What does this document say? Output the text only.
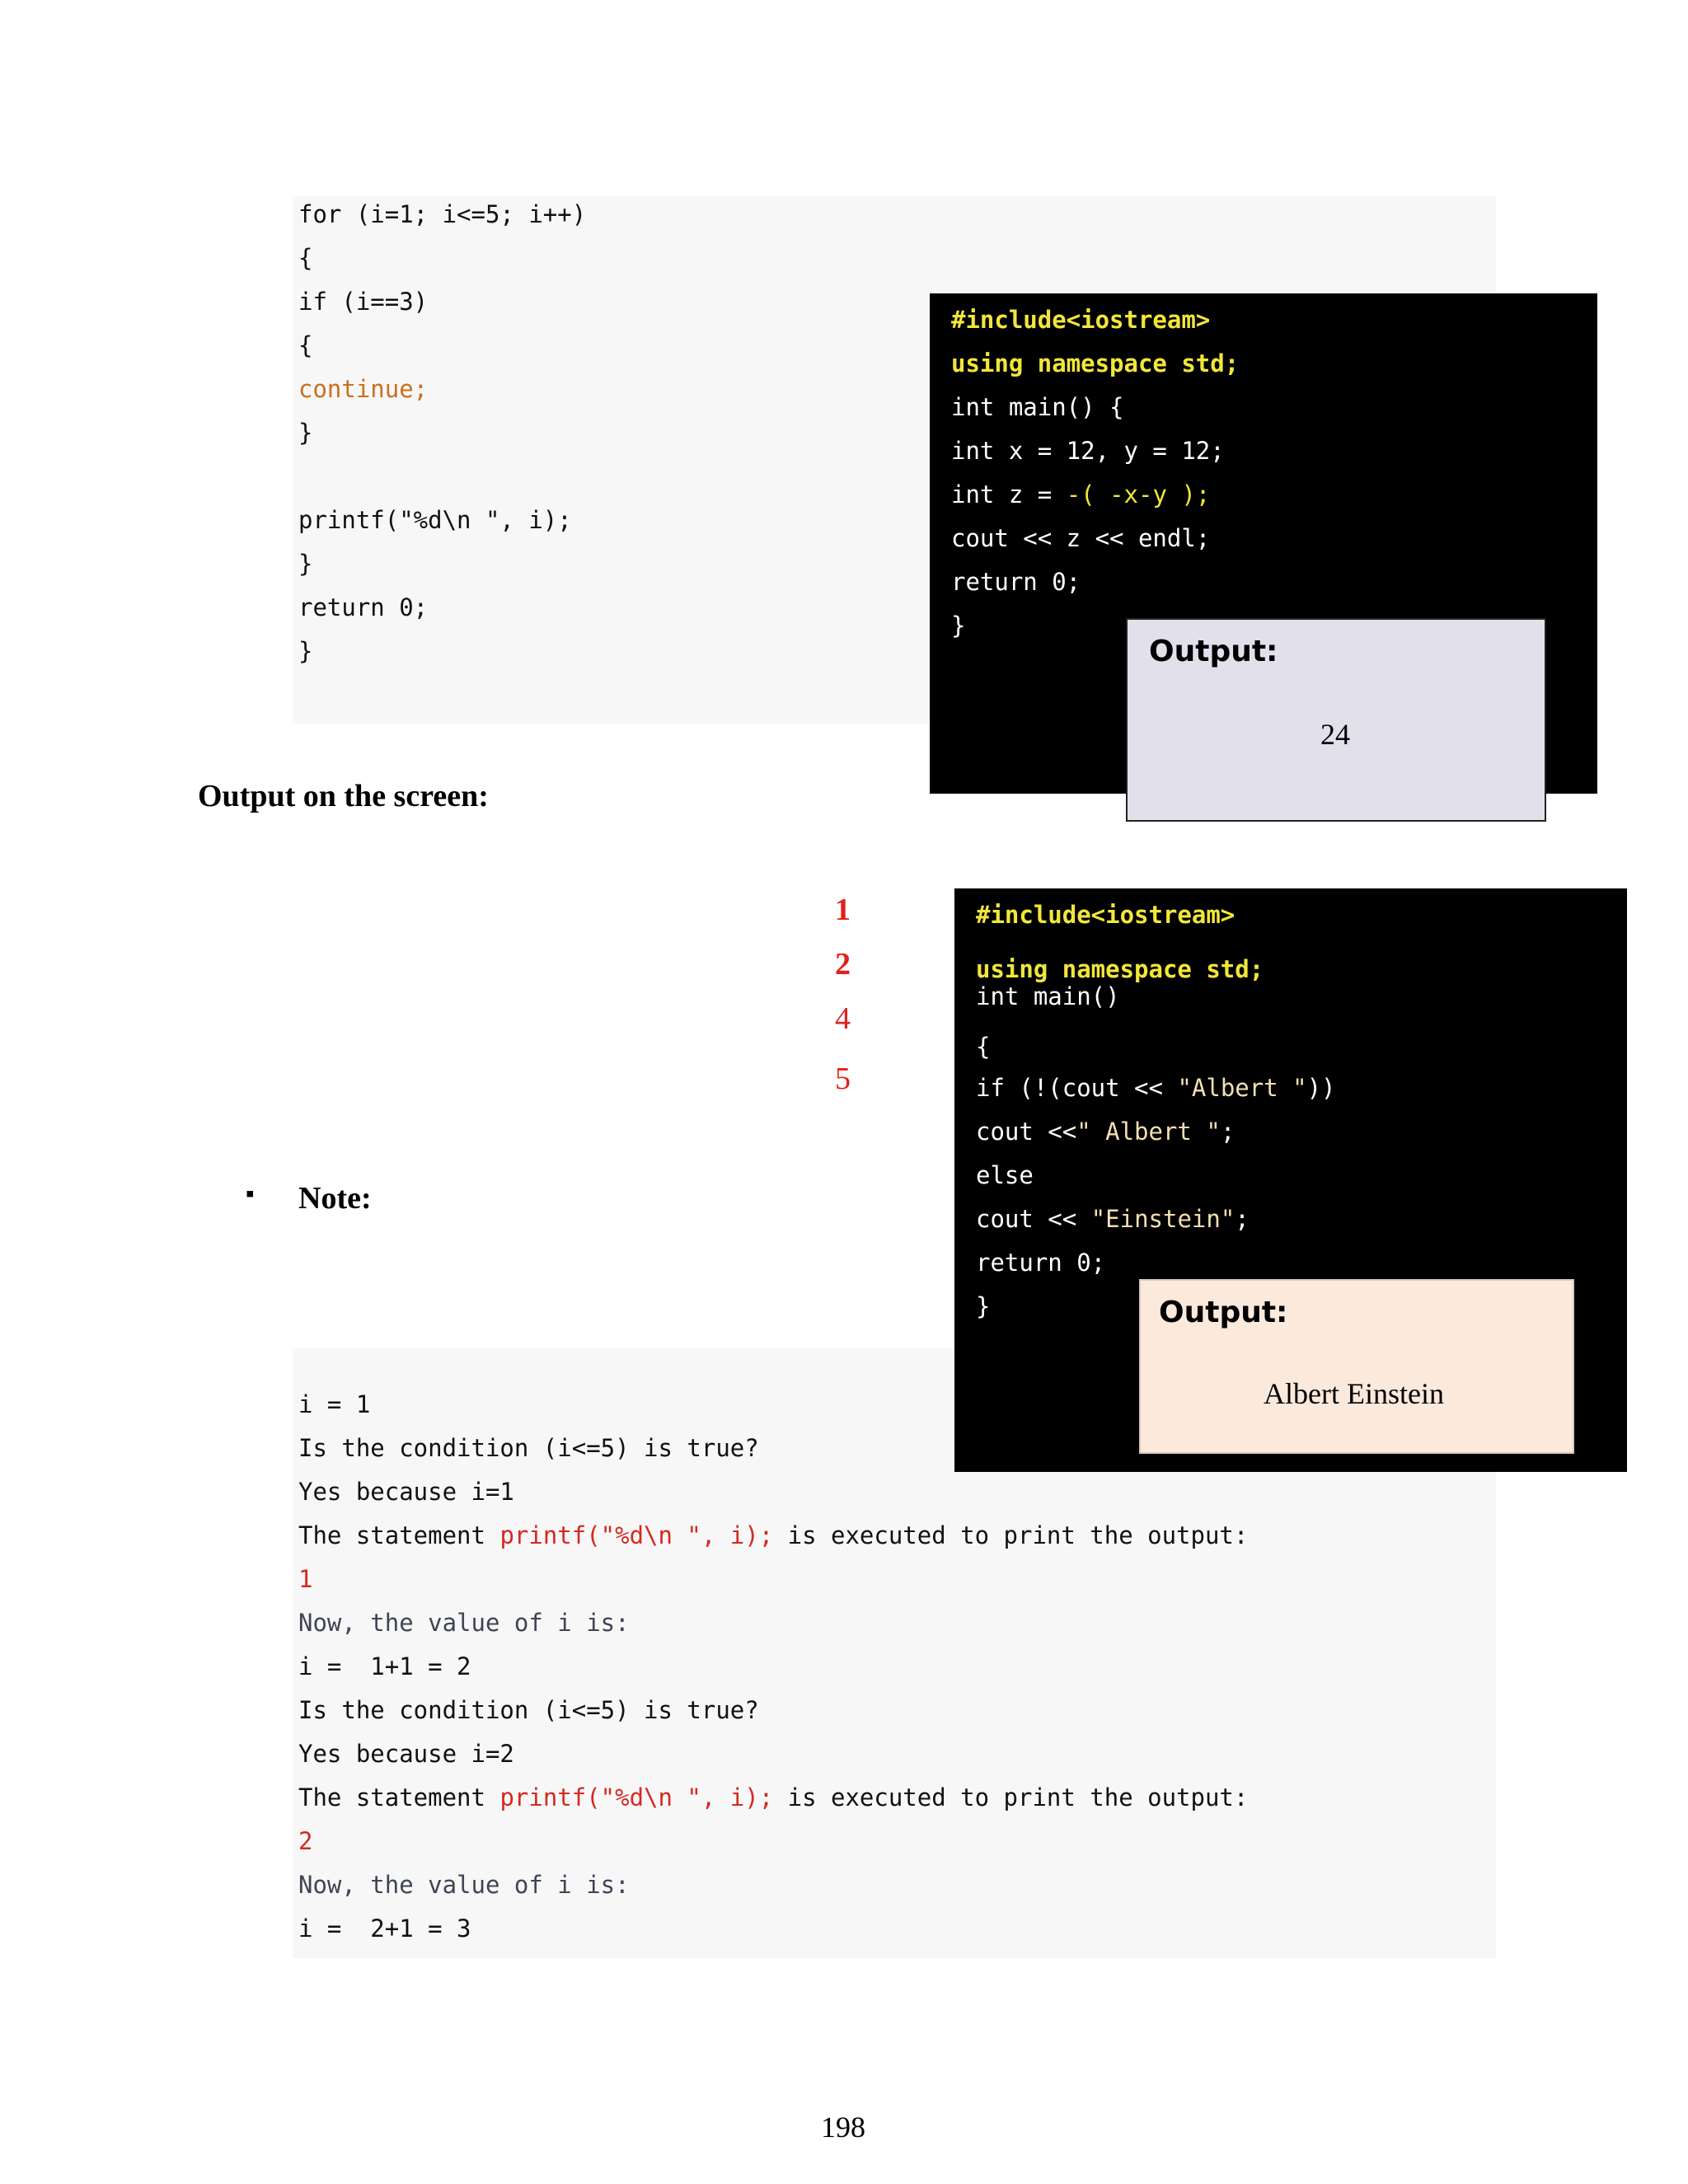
for (i=1; i<=5; i++)
{
if (i==3)
{
continue;
}
printf("%d\n ", i);
}
return 0;
}
#include<iostream>
using namespace std;
int main() {
int x = 12, y = 12;
int z = -( -x-y );
cout << z << endl;
return 0;
}
Output:
24
Output on the screen:
1
2
4
5
▪ Note:
#include<iostream>
using namespace std;
int main()
{
if (!(cout << "Albert "))
cout <<" Albert ";
else
cout << "Einstein";
return 0;
}	Output:
Albert Einstein
i = 1
Is the condition (i<=5) is true?
Yes because i=1
The statement printf("%d\n ", i); is executed to print the output:
1
Now, the value of i is:
i =  1+1 = 2
Is the condition (i<=5) is true?
Yes because i=2
The statement printf("%d\n ", i); is executed to print the output:
2
Now, the value of i is:
i =  2+1 = 3
198
